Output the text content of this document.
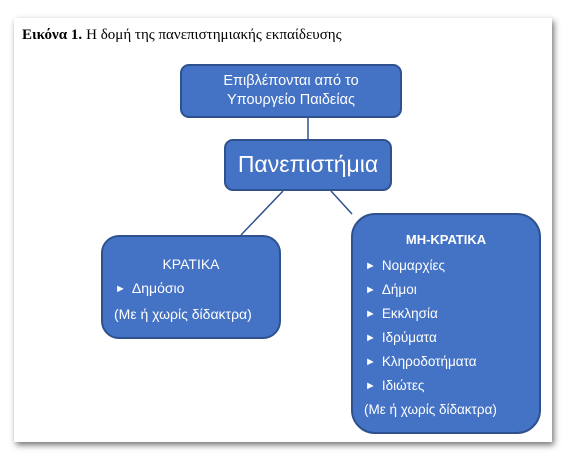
Εικόνα 1. Η δομή της πανεπιστημιακής εκπαίδευσης
Επιβλέπονται από το
Υπουργείο Παιδείας
Πανεπιστήμια
ΚΡΑΤΙΚΑ
► Δημόσιο
(Με ή χωρίς δίδακτρα)
ΜΗ-ΚΡΑΤΙΚΑ
► Νομαρχίες
► Δήμοι
► Εκκλησία
► Ιδρύματα
► Κληροδοτήματα
► Ιδιώτες
(Με ή χωρίς δίδακτρα)
